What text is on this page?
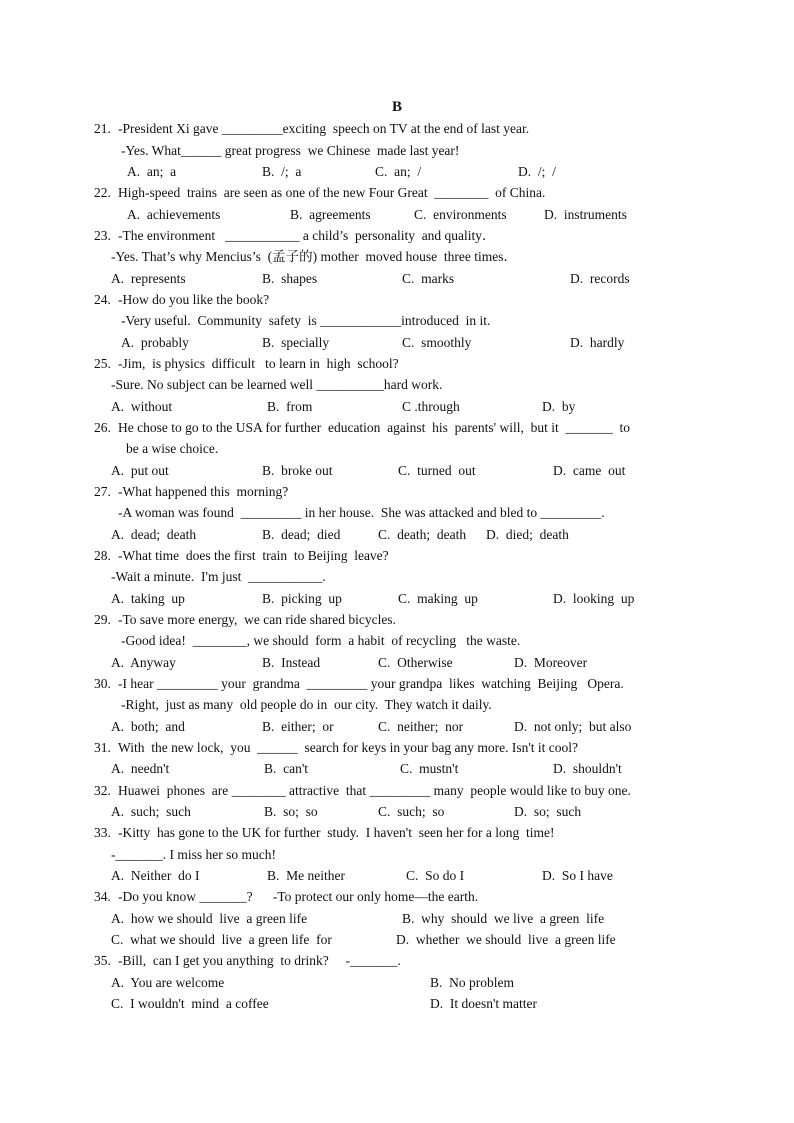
B
21. -President Xi gave _________exciting  speech on TV at the end of last year.
-Yes. What______ great progress  we Chinese  made last year!
A.  an;  a	B.  /;  a	C.  an;  /	D.  /;  /
22. High-speed  trains  are seen as one of the new Four Great  ________  of China.
A.  achievements	B.  agreements	C.  environments	D.  instruments
23. -The environment   ___________ a child’s  personality  and quality．
-Yes. That’s why Mencius’s  (孟子的) mother  moved house  three times．
A.  represents	B.  shapes	C.  marks	D.  records
24. -How do you like the book?
-Very useful.  Community  safety  is ____________introduced  in it.
A.  probably	B.  specially	C.  smoothly	D.  hardly
25. -Jim,  is physics  difficult   to learn in  high  school?
-Sure. No subject can be learned well __________hard work.
A.  without	B.  from	C .through	D.  by
26. He chose to go to the USA for further  education  against  his  parents' will,  but it  _______  to
be a wise choice.
A.  put out	B.  broke out	C.  turned  out	D.  came  out
27. -What happened this  morning?
-A woman was found  _________ in her house.  She was attacked and bled to _________.
A.  dead;  death	B.  dead;  died	C.  death;  death D.  died;  death
28. -What time  does the first  train  to Beijing  leave?
-Wait a minute.  I'm just  ___________.
A.  taking  up	B.  picking  up	C.  making  up	D.  looking  up
29. -To save more energy,  we can ride shared bicycles.
-Good idea!  ________, we should  form  a habit  of recycling   the waste.
A.  Anyway	B.  Instead	C.  Otherwise	D.  Moreover
30. -I hear _________ your  grandma  _________ your grandpa  likes  watching  Beijing   Opera.
-Right,  just as many  old people do in  our city.  They watch it daily.
A.  both;  and	B.  either;  or	C.  neither;  nor	D.  not only;  but also
31. With  the new lock,  you  ______  search for keys in your bag any more. Isn't it cool?
A.  needn't	B.  can't	C.  mustn't	D.  shouldn't
32. Huawei  phones  are ________ attractive  that _________ many  people would like to buy one.
A.  such;  such	B.  so;  so	C.  such;  so	D.  so;  such
33. -Kitty  has gone to the UK for further  study.  I haven't  seen her for a long  time!
-_______. I miss her so much!
A.  Neither  do I	B.  Me neither	C.  So do I	D.  So I have
34. -Do you know _______?      -To protect our only home—the earth.
A.  how we should  live  a green life	B.  why  should  we live  a green  life
C.  what we should  live  a green life  for	D.  whether  we should  live  a green life
35. -Bill,  can I get you anything  to drink?     -_______.
A.  You are welcome	B.  No problem
C.  I wouldn't  mind  a coffee	D.  It doesn't matter
